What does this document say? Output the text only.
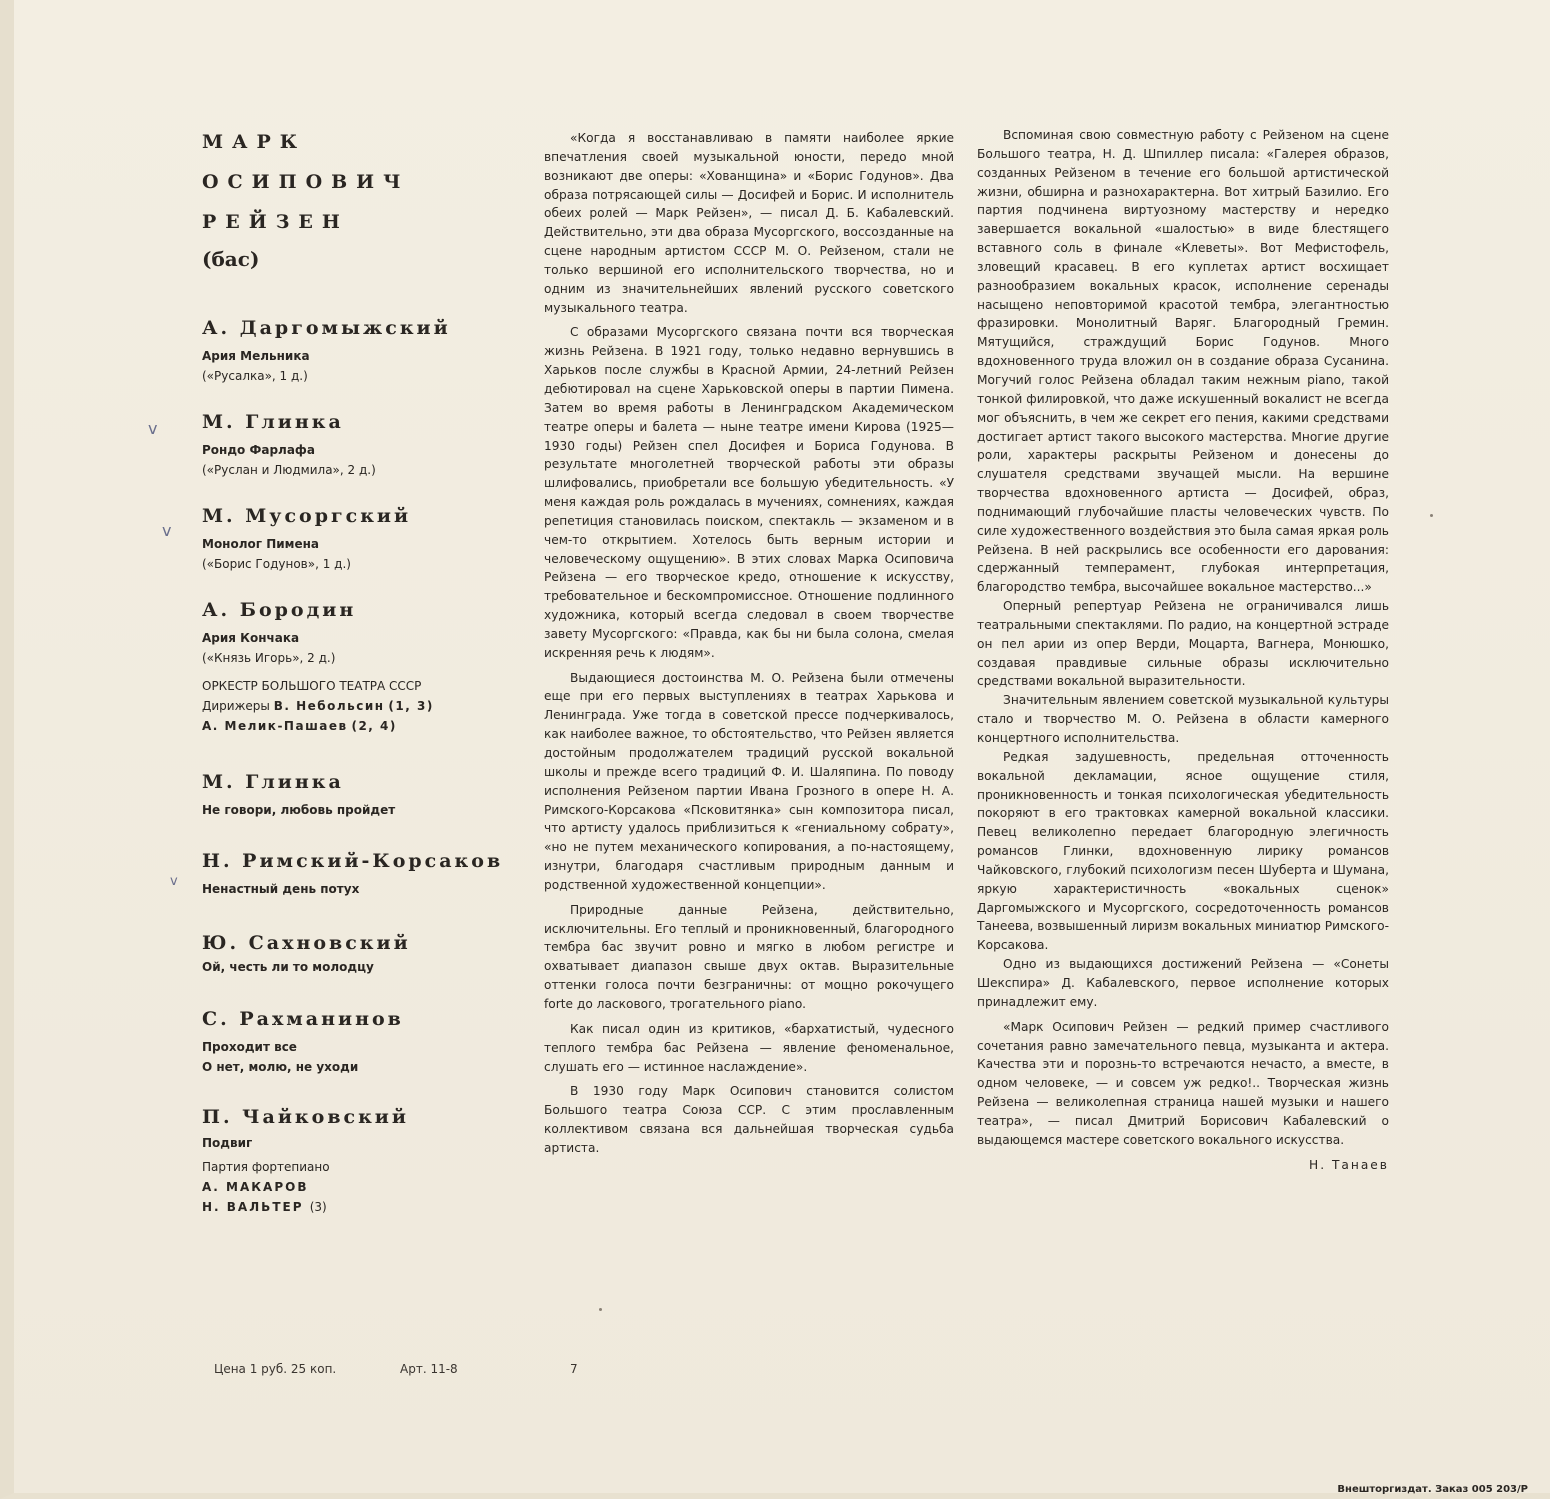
МАРК

ОСИПОВИЧ

РЕЙЗЕН

(бас)

А. Даргомыжский

Ария Мельника

(«Русалка», 1 д.)

М. Глинка

Рондо Фарлафа

(«Руслан и Людмила», 2 д.)

М. Мусоргский

Монолог Пимена

(«Борис Годунов», 1 д.)

А. Бородин

Ария Кончака

(«Князь Игорь», 2 д.)

ОРКЕСТР БОЛЬШОГО ТЕАТРА СССР

Дирижеры В. Небольсин (1, 3)

А. Мелик-Пашаев (2, 4)

М. Глинка

Не говори, любовь пройдет

Н. Римский-Корсаков

Ненастный день потух

Ю. Сахновский

Ой, честь ли то молодцу

С. Рахманинов

Проходит все

О нет, молю, не уходи

П. Чайковский

Подвиг

Партия фортепиано

А. МАКАРОВ

Н. ВАЛЬТЕР (3)

v
v
v

«Когда я восстанавливаю в памяти наиболее яркие впечатления своей музыкальной юности, передо мной возникают две оперы: «Хованщина» и «Борис Годунов». Два образа потрясающей силы — Досифей и Борис. И исполнитель обеих ролей — Марк Рейзен», — писал Д. Б. Кабалевский. Действительно, эти два образа Мусоргского, воссозданные на сцене народным артистом СССР М. О. Рейзеном, стали не только вершиной его исполнительского творчества, но и одним из значительнейших явлений русского советского музыкального театра.

С образами Мусоргского связана почти вся творческая жизнь Рейзена. В 1921 году, только недавно вернувшись в Харьков после службы в Красной Армии, 24-летний Рейзен дебютировал на сцене Харьковской оперы в партии Пимена. Затем во время работы в Ленинградском Академическом театре оперы и балета — ныне театре имени Кирова (1925—1930 годы) Рейзен спел Досифея и Бориса Годунова. В результате многолетней творческой работы эти образы шлифовались, приобретали все большую убедительность. «У меня каждая роль рождалась в мучениях, сомнениях, каждая репетиция становилась поиском, спектакль — экзаменом и в чем-то открытием. Хотелось быть верным истории и человеческому ощущению». В этих словах Марка Осиповича Рейзена — его творческое кредо, отношение к искусству, требовательное и бескомпромиссное. Отношение подлинного художника, который всегда следовал в своем творчестве завету Мусоргского: «Правда, как бы ни была солона, смелая искренняя речь к людям».

Выдающиеся достоинства М. О. Рейзена были отмечены еще при его первых выступлениях в театрах Харькова и Ленинграда. Уже тогда в советской прессе подчеркивалось, как наиболее важное, то обстоятельство, что Рейзен является достойным продолжателем традиций русской вокальной школы и прежде всего традиций Ф. И. Шаляпина. По поводу исполнения Рейзеном партии Ивана Грозного в опере Н. А. Римского-Корсакова «Псковитянка» сын композитора писал, что артисту удалось приблизиться к «гениальному собрату», «но не путем механического копирования, а по-настоящему, изнутри, благодаря счастливым природным данным и родственной художественной концепции».

Природные данные Рейзена, действительно, исключительны. Его теплый и проникновенный, благородного тембра бас звучит ровно и мягко в любом регистре и охватывает диапазон свыше двух октав. Выразительные оттенки голоса почти безграничны: от мощно рокочущего forte до ласкового, трогательного piano.

Как писал один из критиков, «бархатистый, чудесного теплого тембра бас Рейзена — явление феноменальное, слушать его — истинное наслаждение».

В 1930 году Марк Осипович становится солистом Большого театра Союза ССР. С этим прославленным коллективом связана вся дальнейшая творческая судьба артиста.

Вспоминая свою совместную работу с Рейзеном на сцене Большого театра, Н. Д. Шпиллер писала: «Галерея образов, созданных Рейзеном в течение его большой артистической жизни, обширна и разнохарактерна. Вот хитрый Базилио. Его партия подчинена виртуозному мастерству и нередко завершается вокальной «шалостью» в виде блестящего вставного соль в финале «Клеветы». Вот Мефистофель, зловещий красавец. В его куплетах артист восхищает разнообразием вокальных красок, исполнение серенады насыщено неповторимой красотой тембра, элегантностью фразировки. Монолитный Варяг. Благородный Гремин. Мятущийся, страждущий Борис Годунов. Много вдохновенного труда вложил он в создание образа Сусанина. Могучий голос Рейзена обладал таким нежным piano, такой тонкой филировкой, что даже искушенный вокалист не всегда мог объяснить, в чем же секрет его пения, какими средствами достигает артист такого высокого мастерства. Многие другие роли, характеры раскрыты Рейзеном и донесены до слушателя средствами звучащей мысли. На вершине творчества вдохновенного артиста — Досифей, образ, поднимающий глубочайшие пласты человеческих чувств. По силе художественного воздействия это была самая яркая роль Рейзена. В ней раскрылись все особенности его дарования: сдержанный темперамент, глубокая интерпретация, благородство тембра, высочайшее вокальное мастерство...»

Оперный репертуар Рейзена не ограничивался лишь театральными спектаклями. По радио, на концертной эстраде он пел арии из опер Верди, Моцарта, Вагнера, Монюшко, создавая правдивые сильные образы исключительно средствами вокальной выразительности.

Значительным явлением советской музыкальной культуры стало и творчество М. О. Рейзена в области камерного концертного исполнительства.

Редкая задушевность, предельная отточенность вокальной декламации, ясное ощущение стиля, проникновенность и тонкая психологическая убедительность покоряют в его трактовках камерной вокальной классики. Певец великолепно передает благородную элегичность романсов Глинки, вдохновенную лирику романсов Чайковского, глубокий психологизм песен Шуберта и Шумана, яркую характеристичность «вокальных сценок» Даргомыжского и Мусоргского, сосредоточенность романсов Танеева, возвышенный лиризм вокальных миниатюр Римского-Корсакова.

Одно из выдающихся достижений Рейзена — «Сонеты Шекспира» Д. Кабалевского, первое исполнение которых принадлежит ему.

«Марк Осипович Рейзен — редкий пример счастливого сочетания равно замечательного певца, музыканта и актера. Качества эти и порознь-то встречаются нечасто, а вместе, в одном человеке, — и совсем уж редко!.. Творческая жизнь Рейзена — великолепная страница нашей музыки и нашего театра», — писал Дмитрий Борисович Кабалевский о выдающемся мастере советского вокального искусства.

Н. Танаев

Цена 1 руб. 25 коп.	Арт. 11-8	7
Внешторгиздат. Заказ 005 203/Р
